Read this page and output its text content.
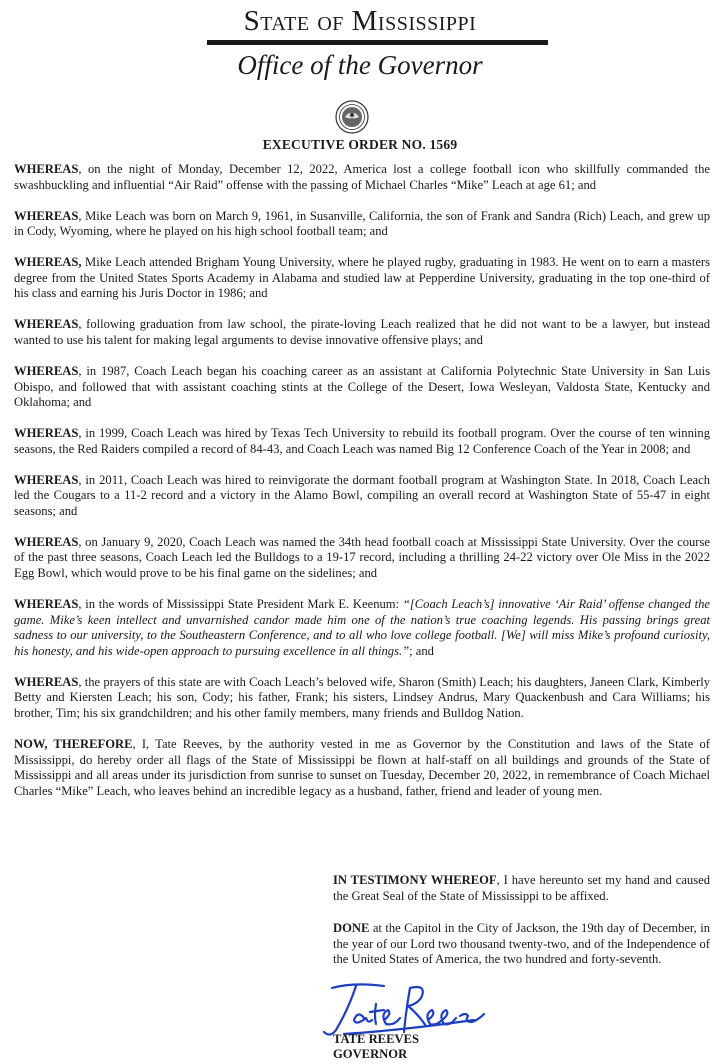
State of Mississippi
Office of the Governor
EXECUTIVE ORDER NO. 1569

WHEREAS, on the night of Monday, December 12, 2022, America lost a college football icon who skillfully commanded the swashbuckling and influential “Air Raid” offense with the passing of Michael Charles “Mike” Leach at age 61; and

WHEREAS, Mike Leach was born on March 9, 1961, in Susanville, California, the son of Frank and Sandra (Rich) Leach, and grew up in Cody, Wyoming, where he played on his high school football team; and

WHEREAS, Mike Leach attended Brigham Young University, where he played rugby, graduating in 1983. He went on to earn a masters degree from the United States Sports Academy in Alabama and studied law at Pepperdine University, graduating in the top one-third of his class and earning his Juris Doctor in 1986; and

WHEREAS, following graduation from law school, the pirate-loving Leach realized that he did not want to be a lawyer, but instead wanted to use his talent for making legal arguments to devise innovative offensive plays; and

WHEREAS, in 1987, Coach Leach began his coaching career as an assistant at California Polytechnic State University in San Luis Obispo, and followed that with assistant coaching stints at the College of the Desert, Iowa Wesleyan, Valdosta State, Kentucky and Oklahoma; and

WHEREAS, in 1999, Coach Leach was hired by Texas Tech University to rebuild its football program. Over the course of ten winning seasons, the Red Raiders compiled a record of 84-43, and Coach Leach was named Big 12 Conference Coach of the Year in 2008; and

WHEREAS, in 2011, Coach Leach was hired to reinvigorate the dormant football program at Washington State. In 2018, Coach Leach led the Cougars to a 11-2 record and a victory in the Alamo Bowl, compiling an overall record at Washington State of 55-47 in eight seasons; and

WHEREAS, on January 9, 2020, Coach Leach was named the 34th head football coach at Mississippi State University. Over the course of the past three seasons, Coach Leach led the Bulldogs to a 19-17 record, including a thrilling 24-22 victory over Ole Miss in the 2022 Egg Bowl, which would prove to be his final game on the sidelines; and

WHEREAS, in the words of Mississippi State President Mark E. Keenum: “[Coach Leach’s] innovative ‘Air Raid’ offense changed the game. Mike’s keen intellect and unvarnished candor made him one of the nation’s true coaching legends. His passing brings great sadness to our university, to the Southeastern Conference, and to all who love college football. [We] will miss Mike’s profound curiosity, his honesty, and his wide-open approach to pursuing excellence in all things.”; and

WHEREAS, the prayers of this state are with Coach Leach’s beloved wife, Sharon (Smith) Leach; his daughters, Janeen Clark, Kimberly Betty and Kiersten Leach; his son, Cody; his father, Frank; his sisters, Lindsey Andrus, Mary Quackenbush and Cara Williams; his brother, Tim; his six grandchildren; and his other family members, many friends and Bulldog Nation.

NOW, THEREFORE, I, Tate Reeves, by the authority vested in me as Governor by the Constitution and laws of the State of Mississippi, do hereby order all flags of the State of Mississippi be flown at half-staff on all buildings and grounds of the State of Mississippi and all areas under its jurisdiction from sunrise to sunset on Tuesday, December 20, 2022, in remembrance of Coach Michael Charles “Mike” Leach, who leaves behind an incredible legacy as a husband, father, friend and leader of young men.

IN TESTIMONY WHEREOF, I have hereunto set my hand and caused the Great Seal of the State of Mississippi to be affixed.
DONE at the Capitol in the City of Jackson, the 19th day of December, in the year of our Lord two thousand twenty-two, and of the Independence of the United States of America, the two hundred and forty-seventh.
TATE REEVES
GOVERNOR
